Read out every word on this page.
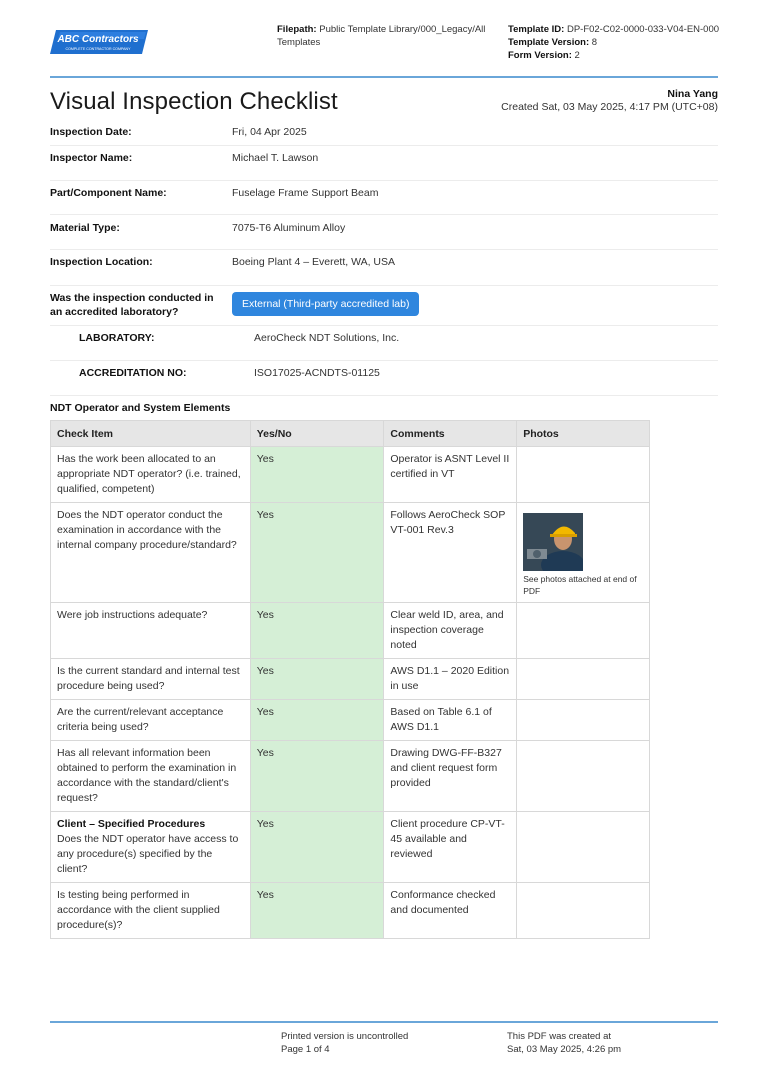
ABC Contractors
COMPLETE CONTRACTOR COMPANY
Filepath: Public Template Library/000_Legacy/All
Templates
Template ID: DP-F02-C02-0000-033-V04-EN-000
Template Version: 8
Form Version: 2
Visual Inspection Checklist	Nina Yang
Created Sat, 03 May 2025, 4:17 PM (UTC+08)
Inspection Date:	Fri, 04 Apr 2025
Inspector Name:	Michael T. Lawson
Part/Component Name:	Fuselage Frame Support Beam
Material Type:	7075-T6 Aluminum Alloy
Inspection Location:	Boeing Plant 4 – Everett, WA, USA
Was the inspection conducted in
an accredited laboratory?
External (Third-party accredited lab)
LABORATORY:	AeroCheck NDT Solutions, Inc.
ACCREDITATION NO:	ISO17025-ACNDTS-01125
NDT Operator and System Elements
Check Item	Yes/No	Comments	Photos
Has the work been allocated to an appropriate NDT operator? (i.e. trained, qualified, competent)	Yes	Operator is ASNT Level II certified in VT	
Does the NDT operator conduct the examination in accordance with the internal company procedure/standard?	Yes	Follows AeroCheck SOP VT-001 Rev.3	See photos attached at end of PDF

Were job instructions adequate?	Yes	Clear weld ID, area, and inspection coverage noted	
Is the current standard and internal test procedure being used?	Yes	AWS D1.1 – 2020 Edition in use	
Are the current/relevant acceptance criteria being used?	Yes	Based on Table 6.1 of AWS D1.1	
Has all relevant information been obtained to perform the examination in accordance with the standard/client's request?	Yes	Drawing DWG-FF-B327 and client request form provided	

Client – Specified Procedures
Does the NDT operator have access to any procedure(s) specified by the client?	Yes	Client procedure CP-VT-45 available and reviewed	
Is testing being performed in accordance with the client supplied procedure(s)?	Yes	Conformance checked and documented	
Printed version is uncontrolled
Page 1 of 4
This PDF was created at
Sat, 03 May 2025, 4:26 pm
